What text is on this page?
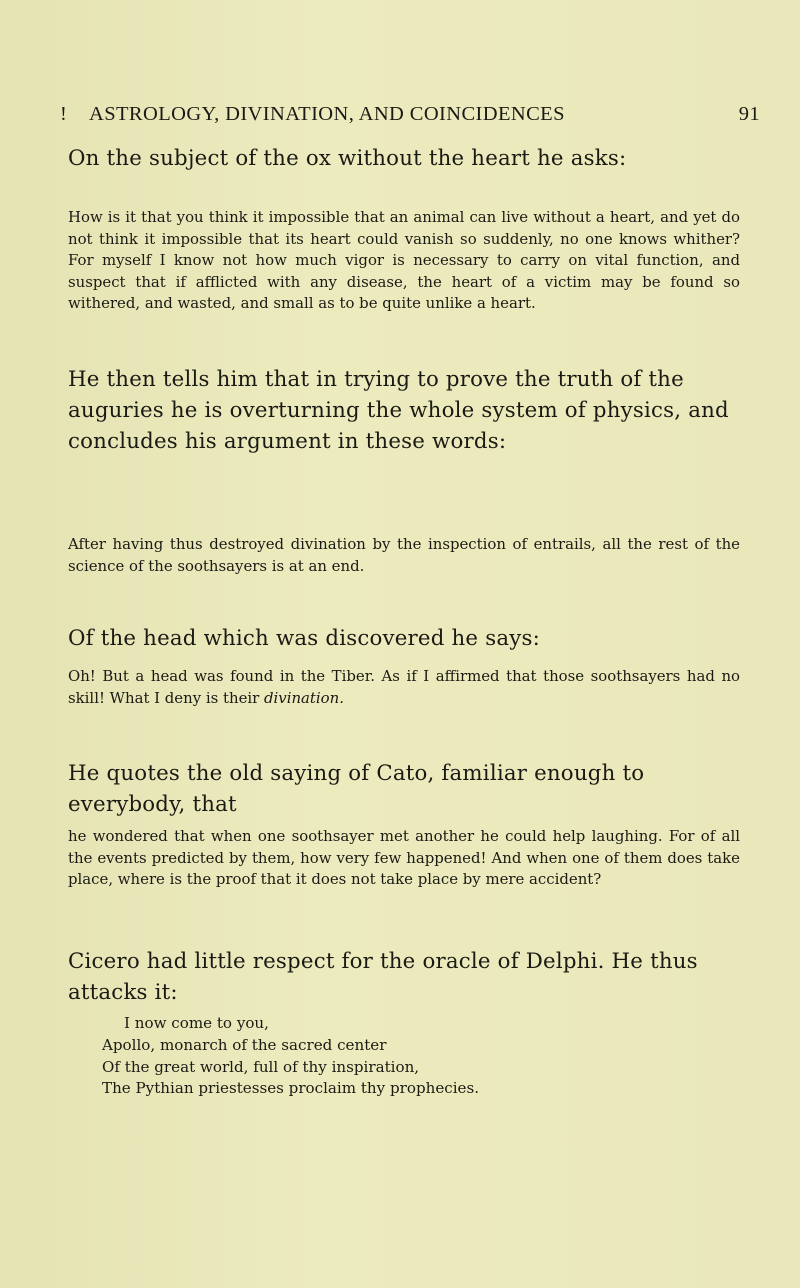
! ASTROLOGY, DIVINATION, AND COINCIDENCES	91

On the subject of the ox without the heart he asks:

How is it that you think it impossible that an animal can live without a heart, and yet do not think it impossible that its heart could vanish so suddenly, no one knows whither? For myself I know not how much vigor is necessary to carry on vital function, and suspect that if afflicted with any disease, the heart of a victim may be found so withered, and wasted, and small as to be quite unlike a heart.

He then tells him that in trying to prove the truth of the auguries he is overturning the whole system of physics, and concludes his argument in these words:

After having thus destroyed divination by the inspection of entrails, all the rest of the science of the soothsayers is at an end.

Of the head which was discovered he says:

Oh! But a head was found in the Tiber. As if I affirmed that those soothsayers had no skill! What I deny is their divination.

He quotes the old saying of Cato, familiar enough to everybody, that

he wondered that when one soothsayer met another he could help laughing. For of all the events predicted by them, how very few happened! And when one of them does take place, where is the proof that it does not take place by mere accident?

Cicero had little respect for the oracle of Delphi. He thus attacks it:

I now come to you,
Apollo, monarch of the sacred center
Of the great world, full of thy inspiration,
The Pythian priestesses proclaim thy prophecies.
